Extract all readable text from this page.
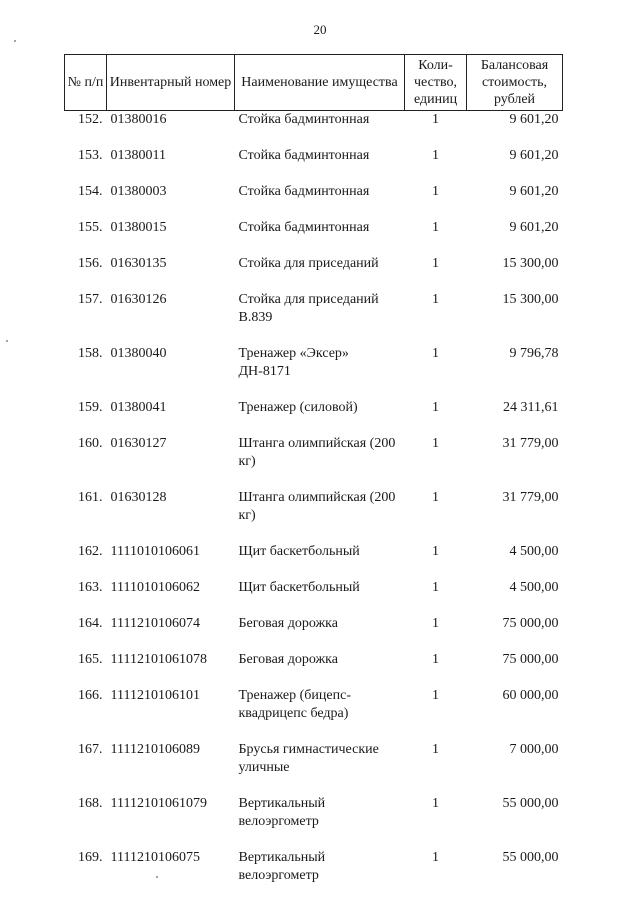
20
№ п/п	Инвентарный номер	Наименование имущества	Коли-чество, единиц	Балансовая стоимость, рублей
152.	01380016	Стойка бадминтонная	1	9 601,20
153.	01380011	Стойка бадминтонная	1	9 601,20
154.	01380003	Стойка бадминтонная	1	9 601,20
155.	01380015	Стойка бадминтонная	1	9 601,20
156.	01630135	Стойка для приседаний	1	15 300,00
157.	01630126	Стойка для приседаний В.839	1	15 300,00
158.	01380040	Тренажер «Эксер» ДН-8171	1	9 796,78
159.	01380041	Тренажер (силовой)	1	24 311,61
160.	01630127	Штанга олимпийская (200 кг)	1	31 779,00
161.	01630128	Штанга олимпийская (200 кг)	1	31 779,00
162.	1111010106061	Щит баскетбольный	1	4 500,00
163.	1111010106062	Щит баскетбольный	1	4 500,00
164.	1111210106074	Беговая дорожка	1	75 000,00
165.	11112101061078	Беговая дорожка	1	75 000,00
166.	1111210106101	Тренажер (бицепс-квадрицепс бедра)	1	60 000,00
167.	1111210106089	Брусья гимнастические уличные	1	7 000,00
168.	11112101061079	Вертикальный велоэргометр	1	55 000,00
169.	1111210106075	Вертикальный велоэргометр	1	55 000,00
